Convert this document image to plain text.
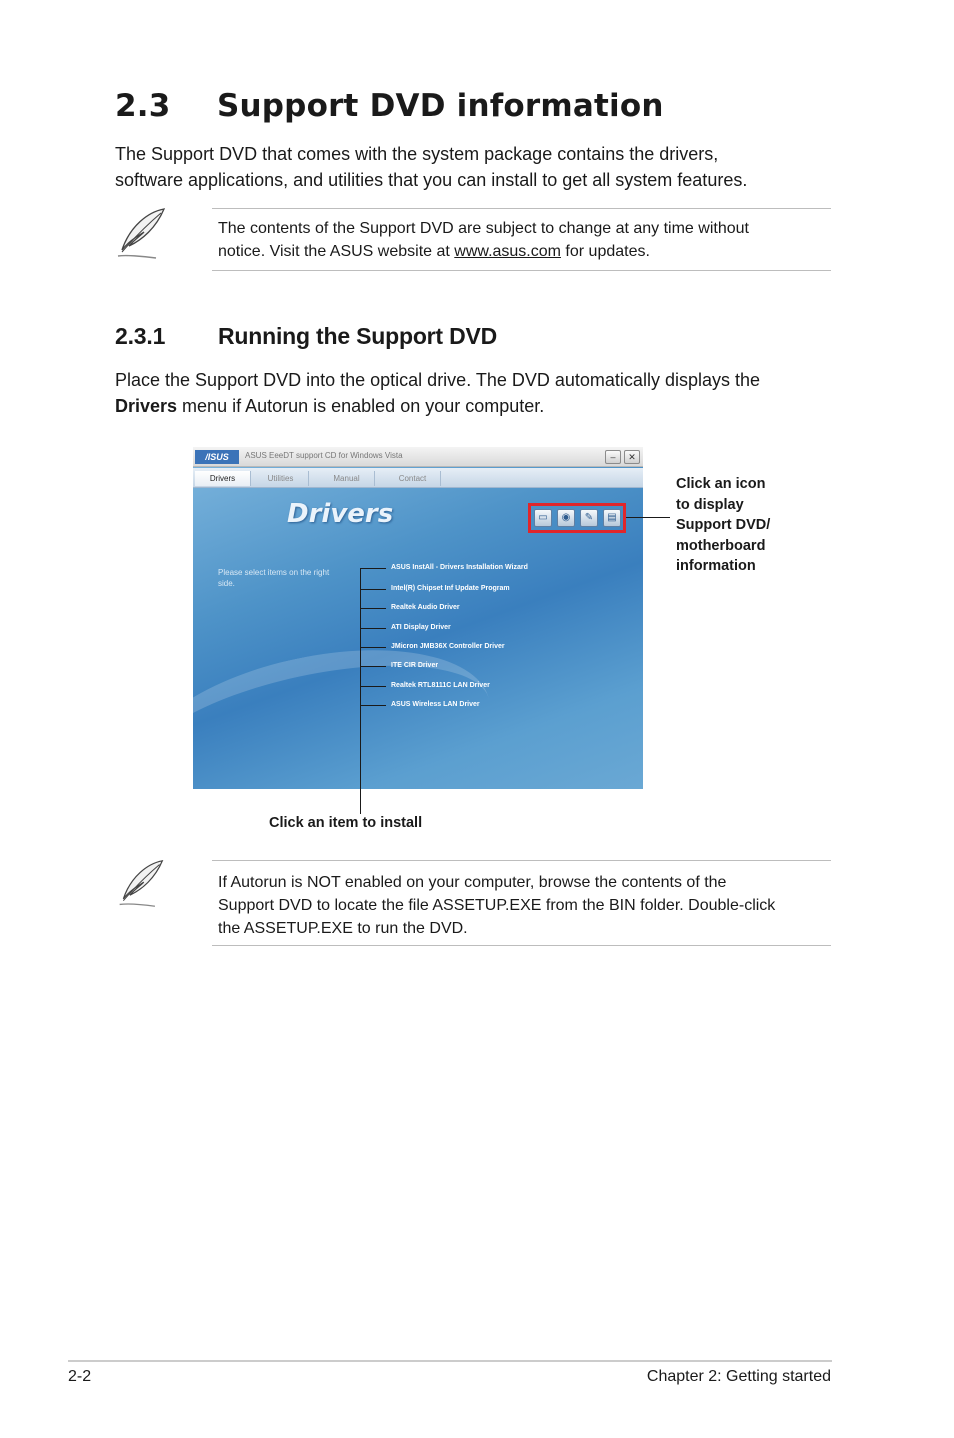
2.3 Support DVD information
The Support DVD that comes with the system package contains the drivers,
software applications, and utilities that you can install to get all system features.
The contents of the Support DVD are subject to change at any time without
notice. Visit the ASUS website at www.asus.com for updates.
2.3.1 Running the Support DVD
Place the Support DVD into the optical drive. The DVD automatically displays the
Drivers menu if Autorun is enabled on your computer.
/ISUS	ASUS EeeDT support CD for Windows Vista	–	✕
Drivers	Utilities	Manual	Contact
Drivers
Please select items on the right side.
▭	◉	✎	▤
ASUS InstAll - Drivers Installation Wizard
Intel(R) Chipset Inf Update Program
Realtek Audio Driver
ATI Display Driver
JMicron JMB36X Controller Driver
ITE CIR Driver
Realtek RTL8111C LAN Driver
ASUS Wireless LAN Driver
Click an icon
to display
Support DVD/
motherboard
information
Click an item to install
If Autorun is NOT enabled on your computer, browse the contents of the
Support DVD to locate the file ASSETUP.EXE from the BIN folder. Double-click
the ASSETUP.EXE to run the DVD.
2-2	Chapter 2: Getting started
